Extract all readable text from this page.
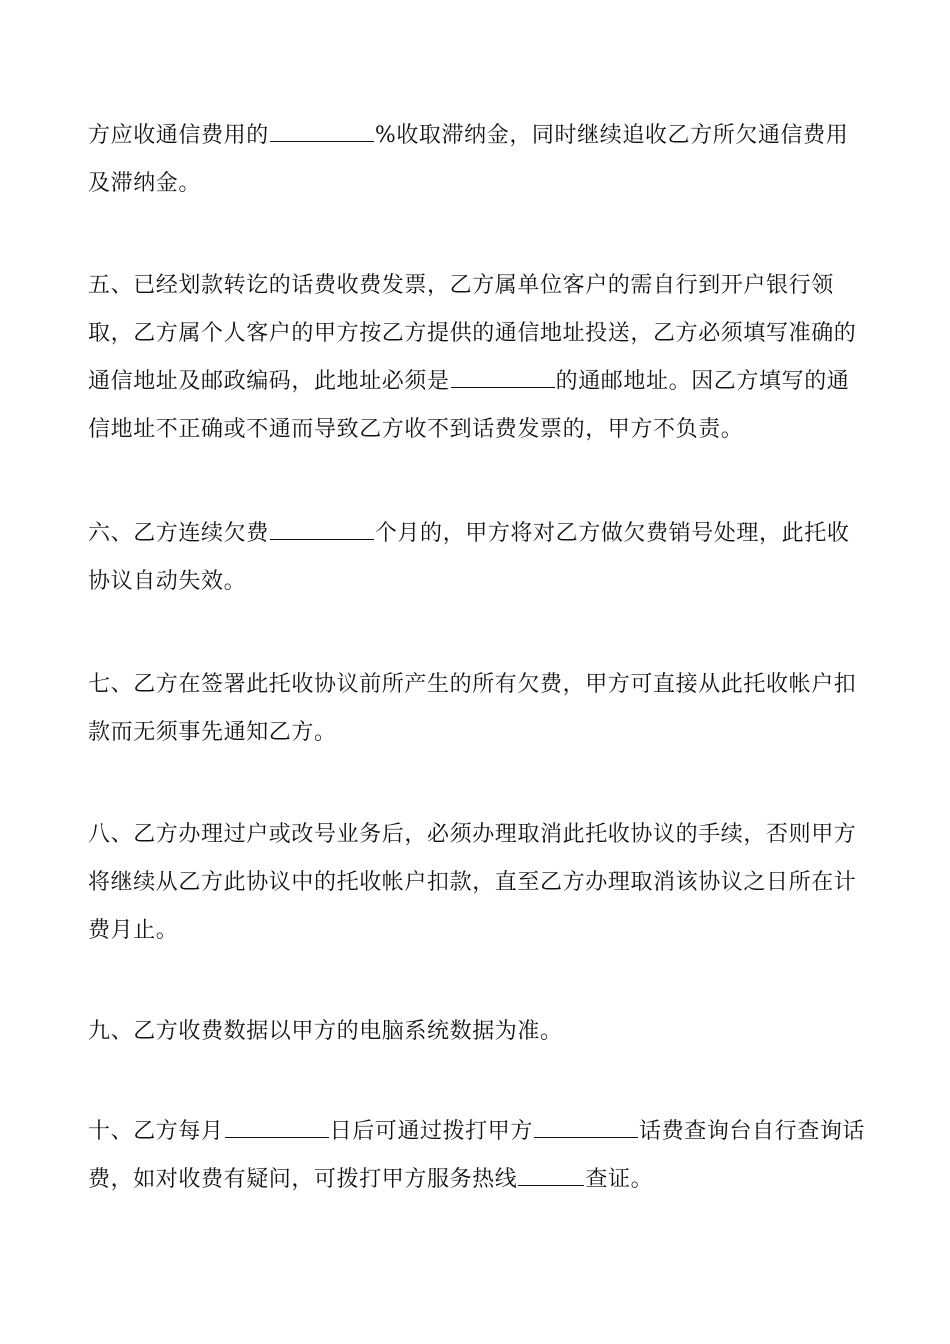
方应收通信费用的	%收取滞纳金，同时继续追收乙方所欠通信费用及滞纳金。

五、已经划款转讫的话费收费发票，乙方属单位客户的需自行到开户银行领取，乙方属个人客户的甲方按乙方提供的通信地址投送，乙方必须填写准确的通信地址及邮政编码，此地址必须是	的通邮地址。因乙方填写的通信地址不正确或不通而导致乙方收不到话费发票的，甲方不负责。

六、乙方连续欠费	个月的，甲方将对乙方做欠费销号处理，此托收协议自动失效。

七、乙方在签署此托收协议前所产生的所有欠费，甲方可直接从此托收帐户扣款而无须事先通知乙方。

八、乙方办理过户或改号业务后，必须办理取消此托收协议的手续，否则甲方将继续从乙方此协议中的托收帐户扣款，直至乙方办理取消该协议之日所在计费月止。

九、乙方收费数据以甲方的电脑系统数据为准。

十、乙方每月	日后可通过拨打甲方	话费查询台自行查询话费，如对收费有疑问，可拨打甲方服务热线	查证。
